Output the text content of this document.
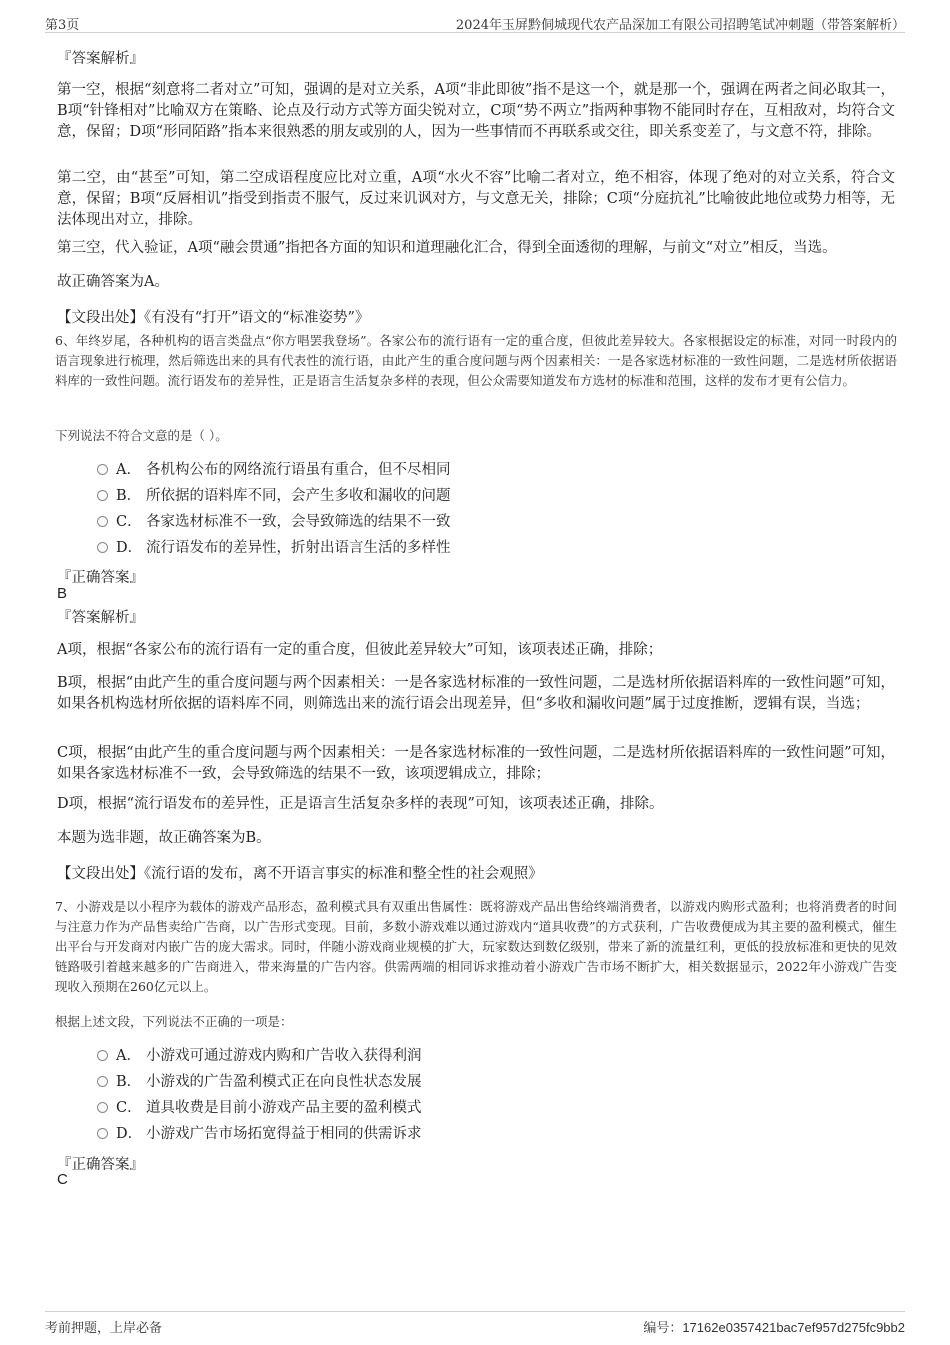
第3页	2024年玉屏黔侗城现代农产品深加工有限公司招聘笔试冲刺题（带答案解析）
『答案解析』
第一空，根据“刻意将二者对立”可知，强调的是对立关系，A项“非此即彼”指不是这一个，就是那一个，强调在两者之间必取其一，B项“针锋相对”比喻双方在策略、论点及行动方式等方面尖锐对立，C项“势不两立”指两种事物不能同时存在，互相敌对，均符合文意，保留；D项“形同陌路”指本来很熟悉的朋友或别的人，因为一些事情而不再联系或交往，即关系变差了，与文意不符，排除。
第二空，由“甚至”可知，第二空成语程度应比对立重，A项“水火不容”比喻二者对立，绝不相容，体现了绝对的对立关系，符合文意，保留；B项“反唇相讥”指受到指责不服气，反过来讥讽对方，与文意无关，排除；C项“分庭抗礼”比喻彼此地位或势力相等，无法体现出对立，排除。
第三空，代入验证，A项“融会贯通”指把各方面的知识和道理融化汇合，得到全面透彻的理解，与前文“对立”相反，当选。
故正确答案为A。
【文段出处】《有没有“打开”语文的“标准姿势”》
6、年终岁尾，各种机构的语言类盘点“你方唱罢我登场”。各家公布的流行语有一定的重合度，但彼此差异较大。各家根据设定的标准，对同一时段内的语言现象进行梳理，然后筛选出来的具有代表性的流行语，由此产生的重合度问题与两个因素相关：一是各家选材标准的一致性问题，二是选材所依据语料库的一致性问题。流行语发布的差异性，正是语言生活复杂多样的表现，但公众需要知道发布方选材的标准和范围，这样的发布才更有公信力。
下列说法不符合文意的是（ ）。
A． 各机构公布的网络流行语虽有重合，但不尽相同
B． 所依据的语料库不同，会产生多收和漏收的问题
C． 各家选材标准不一致，会导致筛选的结果不一致
D． 流行语发布的差异性，折射出语言生活的多样性
『正确答案』
B
『答案解析』
A项，根据“各家公布的流行语有一定的重合度，但彼此差异较大”可知，该项表述正确，排除；
B项，根据“由此产生的重合度问题与两个因素相关：一是各家选材标准的一致性问题，二是选材所依据语料库的一致性问题”可知，如果各机构选材所依据的语料库不同，则筛选出来的流行语会出现差异，但“多收和漏收问题”属于过度推断，逻辑有误，当选；
C项，根据“由此产生的重合度问题与两个因素相关：一是各家选材标准的一致性问题，二是选材所依据语料库的一致性问题”可知，如果各家选材标准不一致，会导致筛选的结果不一致，该项逻辑成立，排除；
D项，根据“流行语发布的差异性，正是语言生活复杂多样的表现”可知，该项表述正确，排除。
本题为选非题，故正确答案为B。
【文段出处】《流行语的发布，离不开语言事实的标准和整全性的社会观照》
7、小游戏是以小程序为载体的游戏产品形态，盈利模式具有双重出售属性：既将游戏产品出售给终端消费者，以游戏内购形式盈利；也将消费者的时间与注意力作为产品售卖给广告商，以广告形式变现。目前，多数小游戏难以通过游戏内“道具收费”的方式获利，广告收费便成为其主要的盈利模式，催生出平台与开发商对内嵌广告的庞大需求。同时，伴随小游戏商业规模的扩大，玩家数达到数亿级别，带来了新的流量红利，更低的投放标准和更快的见效链路吸引着越来越多的广告商进入，带来海量的广告内容。供需两端的相同诉求推动着小游戏广告市场不断扩大，相关数据显示，2022年小游戏广告变现收入预期在260亿元以上。
根据上述文段，下列说法不正确的一项是：
A． 小游戏可通过游戏内购和广告收入获得利润
B． 小游戏的广告盈利模式正在向良性状态发展
C． 道具收费是目前小游戏产品主要的盈利模式
D． 小游戏广告市场拓宽得益于相同的供需诉求
『正确答案』
C
考前押题，上岸必备	编号：17162e0357421bac7ef957d275fc9bb2
